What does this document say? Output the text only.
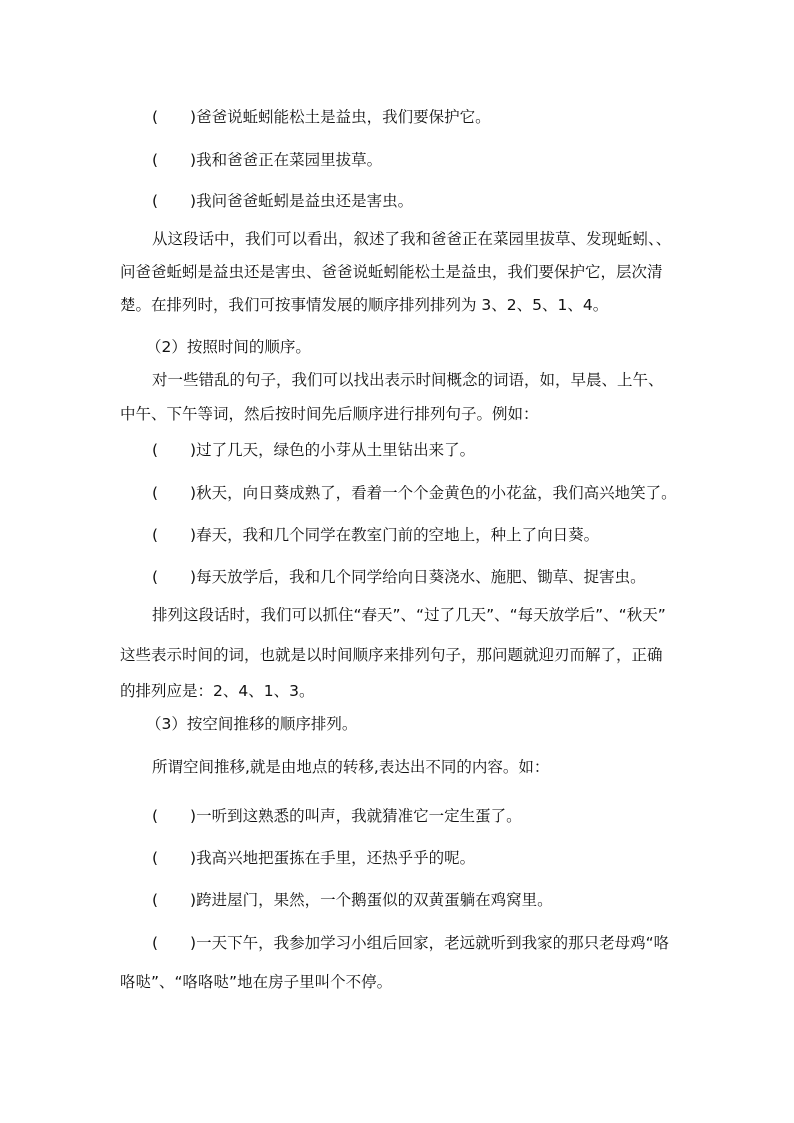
( )爸爸说蚯蚓能松土是益虫，我们要保护它。
( )我和爸爸正在菜园里拔草。
( )我问爸爸蚯蚓是益虫还是害虫。
从这段话中，我们可以看出，叙述了我和爸爸正在菜园里拔草、发现蚯蚓、、
问爸爸蚯蚓是益虫还是害虫、爸爸说蚯蚓能松土是益虫，我们要保护它，层次清
楚。在排列时，我们可按事情发展的顺序排列排列为 3、2、5、1、4。
（2）按照时间的顺序。
对一些错乱的句子，我们可以找出表示时间概念的词语，如，早晨、上午、
中午、下午等词，然后按时间先后顺序进行排列句子。例如：
( )过了几天，绿色的小芽从土里钻出来了。
( )秋天，向日葵成熟了，看着一个个金黄色的小花盆，我们高兴地笑了。
( )春天，我和几个同学在教室门前的空地上，种上了向日葵。
( )每天放学后，我和几个同学给向日葵浇水、施肥、锄草、捉害虫。
排列这段话时，我们可以抓住“春天”、“过了几天”、“每天放学后”、“秋天”
这些表示时间的词，也就是以时间顺序来排列句子，那问题就迎刃而解了，正确
的排列应是：2、4、1、3。
（3）按空间推移的顺序排列。
所谓空间推移,就是由地点的转移,表达出不同的内容。如：
( )一听到这熟悉的叫声，我就猜准它一定生蛋了。
( )我高兴地把蛋拣在手里，还热乎乎的呢。
( )跨进屋门，果然，一个鹅蛋似的双黄蛋躺在鸡窝里。
( )一天下午，我参加学习小组后回家，老远就听到我家的那只老母鸡“咯
咯哒”、“咯咯哒”地在房子里叫个不停。
